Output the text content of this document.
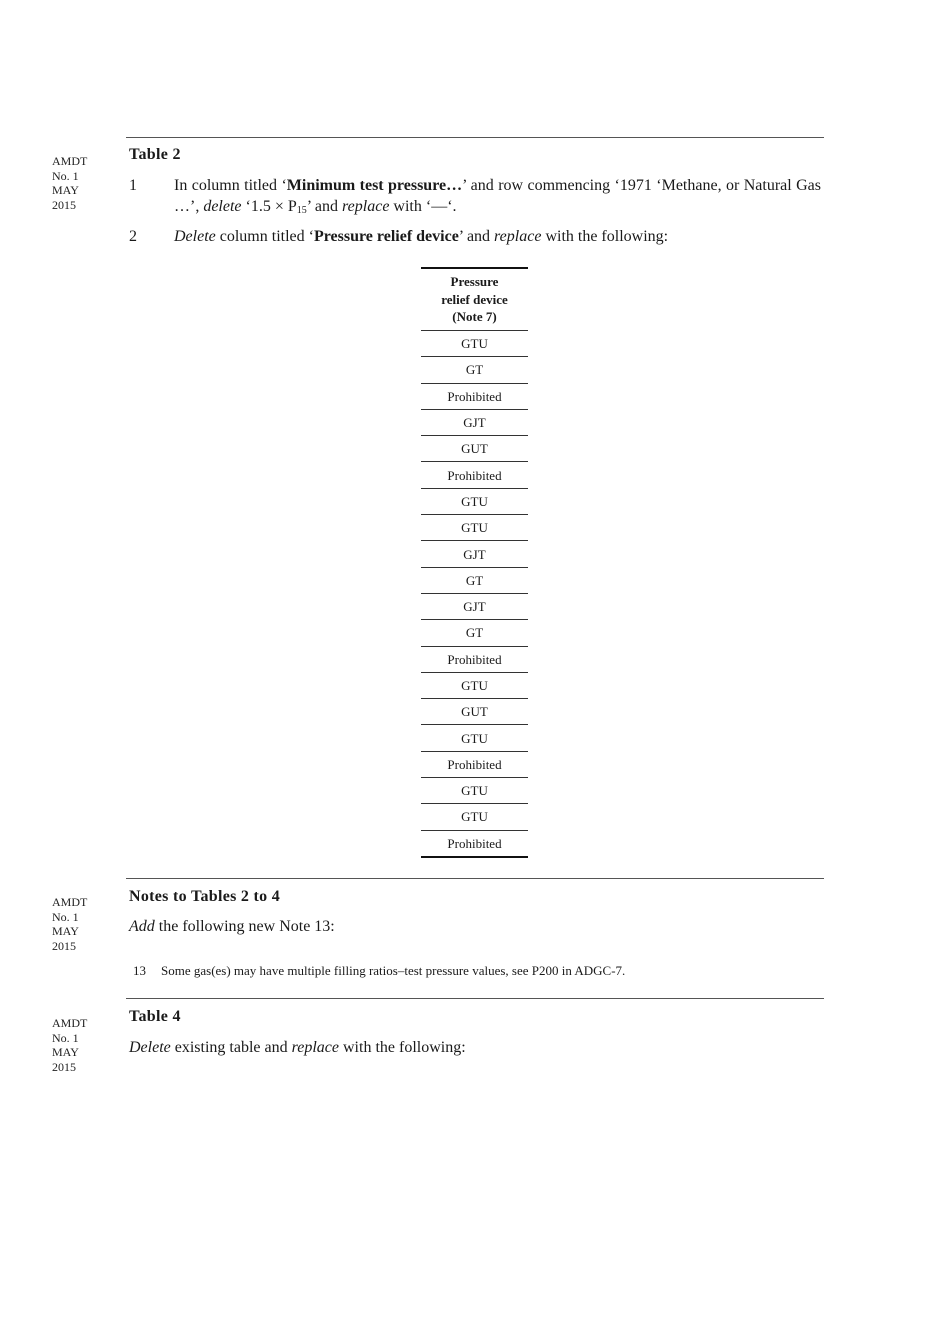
AMDT
No. 1
MAY
2015
AMDT
No. 1
MAY
2015
AMDT
No. 1
MAY
2015
Table 2
1 In column titled ‘Minimum test pressure…’ and row commencing ‘1971 ‘Methane, or Natural Gas …’, delete ‘$1.5 \times P_{15}$’ and replace with ‘—‘.
2 Delete column titled ‘Pressure relief device’ and replace with the following:
Pressure
relief device
(Note 7)

GTU
GT
Prohibited
GJT
GUT
Prohibited
GTU
GTU
GJT
GT
GJT
GT
Prohibited
GTU
GUT
GTU
Prohibited
GTU
GTU
Prohibited
Notes to Tables 2 to 4
Add the following new Note 13:
13 Some gas(es) may have multiple filling ratios–test pressure values, see P200 in ADGC-7.
Table 4
Delete existing table and replace with the following:
